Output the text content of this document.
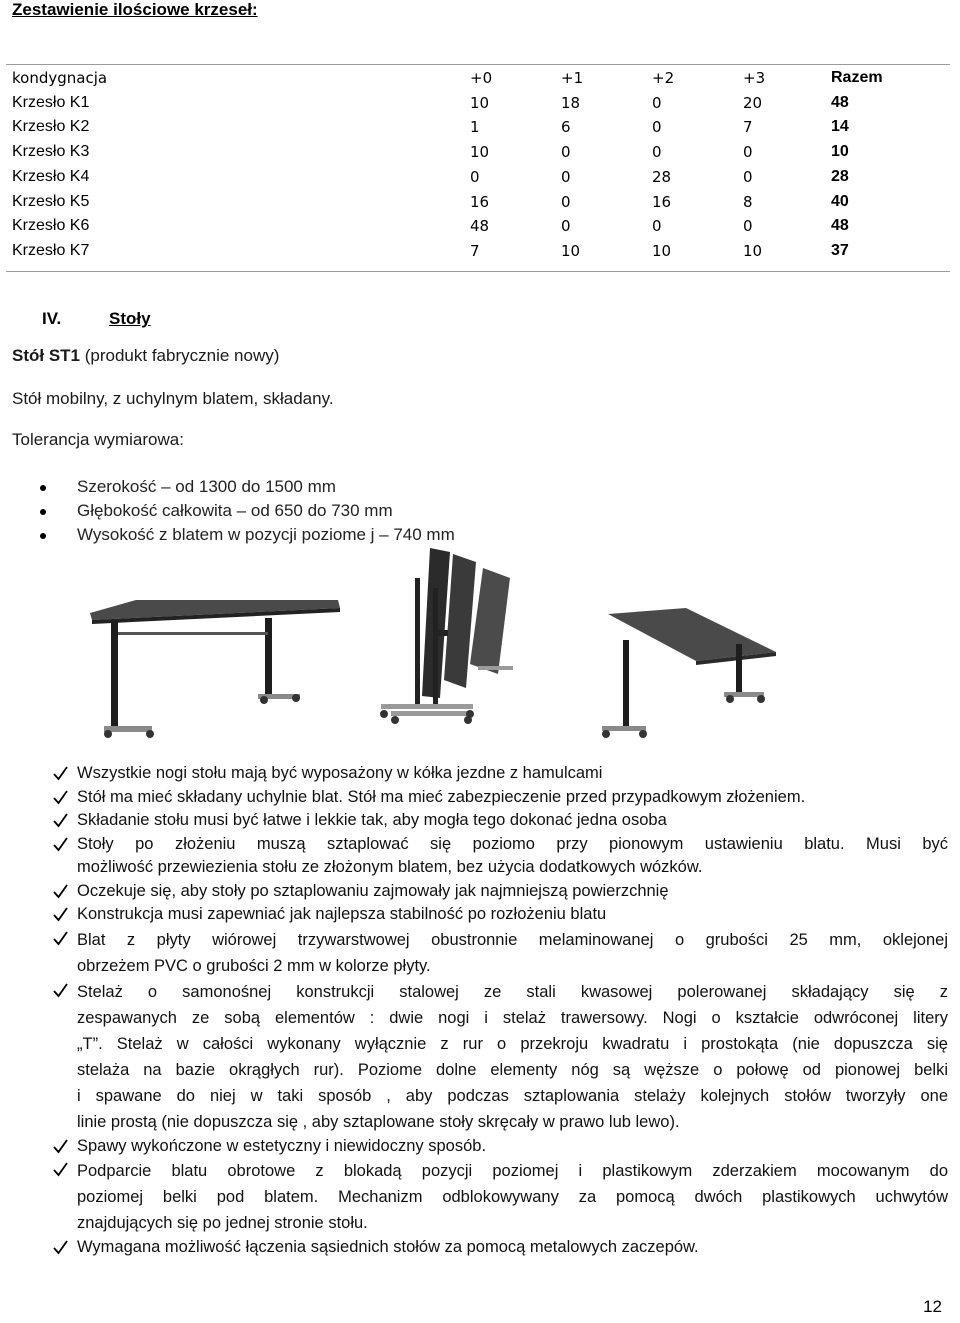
Zestawienie ilościowe krzeseł:
kondygnacja	+0	+1	+2	+3	Razem
Krzesło K1	10	18	0	20	48
Krzesło K2	1	6	0	7	14
Krzesło K3	10	0	0	0	10
Krzesło K4	0	0	28	0	28
Krzesło K5	16	0	16	8	40
Krzesło K6	48	0	0	0	48
Krzesło K7	7	10	10	10	37
IV.	Stoły
Stół ST1 (produkt fabrycznie nowy)
Stół mobilny, z uchylnym blatem, składany.
Tolerancja wymiarowa:
Szerokość – od 1300 do 1500 mm
Głębokość całkowita – od 650 do 730 mm
Wysokość z blatem w pozycji poziome j – 740 mm
Wszystkie nogi stołu mają być wyposażony w kółka jezdne z hamulcami
Stół ma mieć składany uchylnie blat. Stół ma mieć zabezpieczenie przed przypadkowym złożeniem.
Składanie stołu musi być łatwe i lekkie tak, aby mogła tego dokonać jedna osoba
Stoły po złożeniu muszą sztaplować się poziomo przy pionowym ustawieniu blatu. Musi być
możliwość przewiezienia stołu ze złożonym blatem, bez użycia dodatkowych wózków.
Oczekuje się, aby stoły po sztaplowaniu zajmowały jak najmniejszą powierzchnię
Konstrukcja musi zapewniać jak najlepsza stabilność po rozłożeniu blatu
Blat z płyty wiórowej trzywarstwowej obustronnie melaminowanej o grubości 25 mm, oklejonej
obrzeżem PVC o grubości 2 mm w kolorze płyty.
Stelaż o samonośnej konstrukcji stalowej ze stali kwasowej polerowanej składający się z
zespawanych ze sobą elementów : dwie nogi i stelaż trawersowy. Nogi o kształcie odwróconej litery
„T”. Stelaż w całości wykonany wyłącznie z rur o przekroju kwadratu i prostokąta (nie dopuszcza się
stelaża na bazie okrągłych rur). Poziome dolne elementy nóg są węższe o połowę od pionowej belki
i spawane do niej w taki sposób , aby podczas sztaplowania stelaży kolejnych stołów tworzyły one
linie prostą (nie dopuszcza się , aby sztaplowane stoły skręcały w prawo lub lewo).
Spawy wykończone w estetyczny i niewidoczny sposób.
Podparcie blatu obrotowe z blokadą pozycji poziomej i plastikowym zderzakiem mocowanym do
poziomej belki pod blatem. Mechanizm odblokowywany za pomocą dwóch plastikowych uchwytów
znajdujących się po jednej stronie stołu.
Wymagana możliwość łączenia sąsiednich stołów za pomocą metalowych zaczepów.
12
